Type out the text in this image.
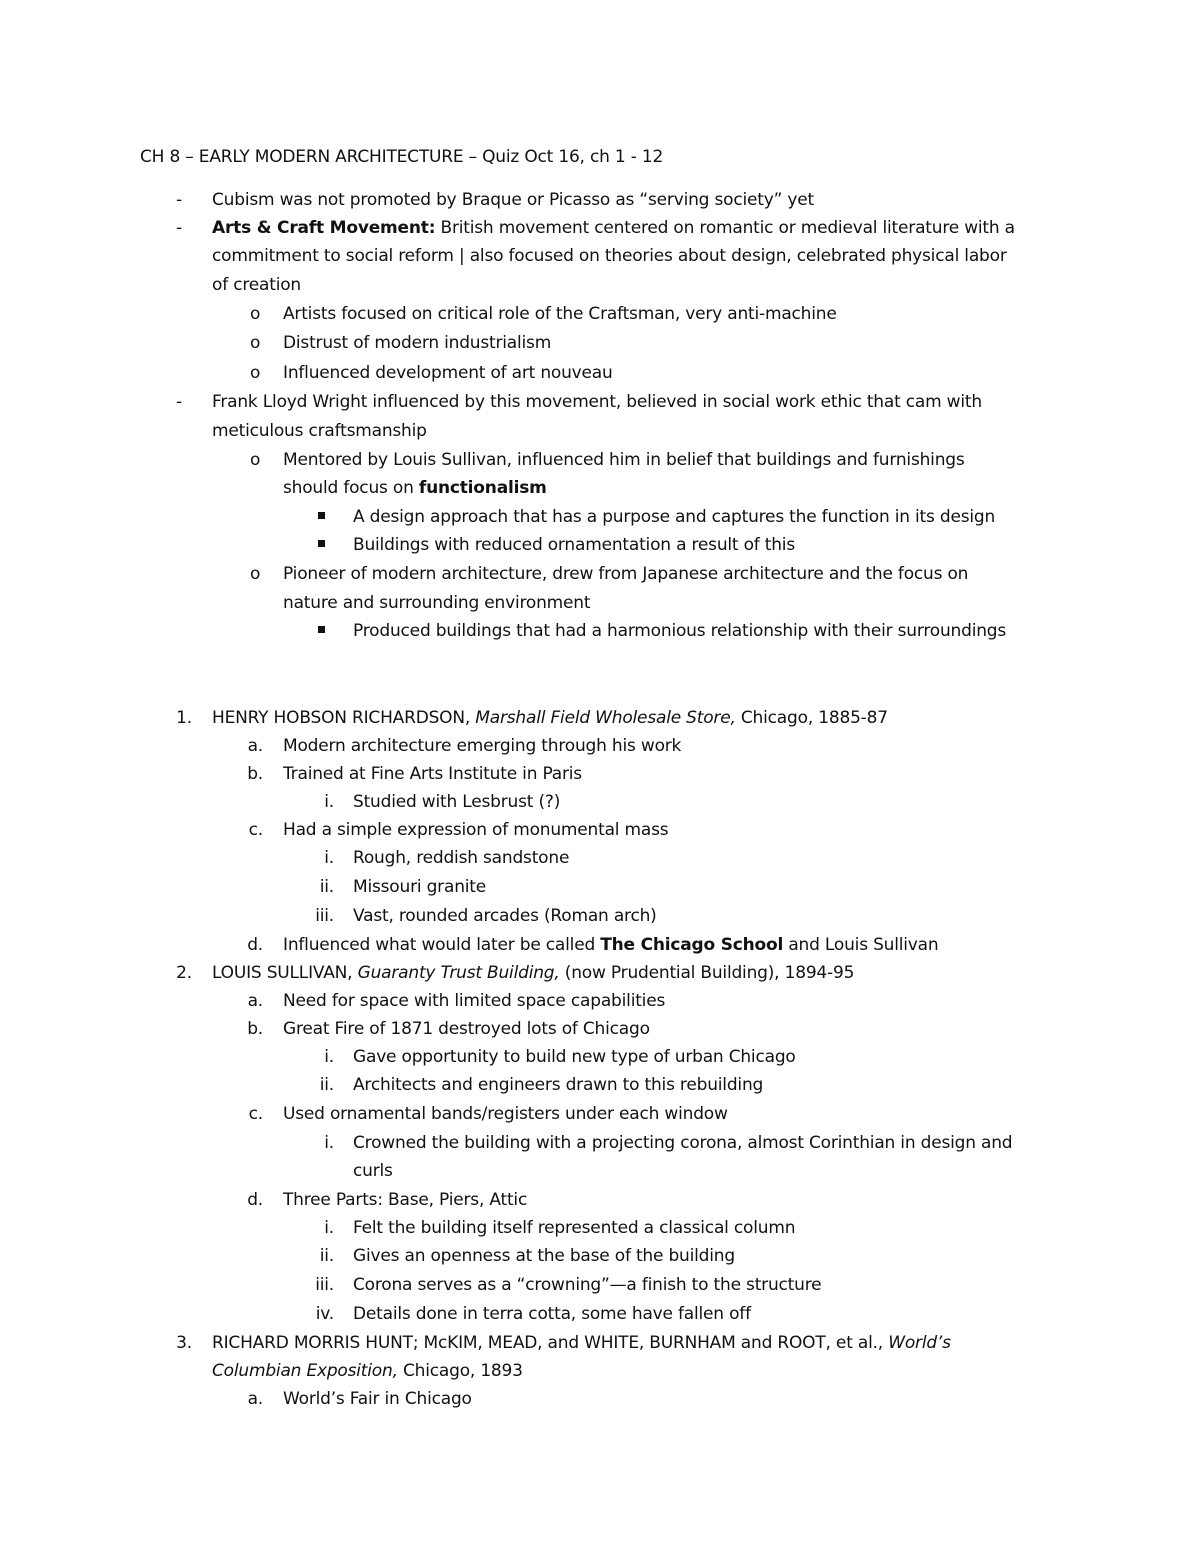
CH 8 – EARLY MODERN ARCHITECTURE – Quiz Oct 16, ch 1 - 12
- Cubism was not promoted by Braque or Picasso as “serving society” yet
- Arts & Craft Movement: British movement centered on romantic or medieval literature with a
commitment to social reform | also focused on theories about design, celebrated physical labor
of creation
o Artists focused on critical role of the Craftsman, very anti-machine
o Distrust of modern industrialism
o Influenced development of art nouveau
- Frank Lloyd Wright influenced by this movement, believed in social work ethic that cam with
meticulous craftsmanship
o Mentored by Louis Sullivan, influenced him in belief that buildings and furnishings
should focus on functionalism
A design approach that has a purpose and captures the function in its design
Buildings with reduced ornamentation a result of this
o Pioneer of modern architecture, drew from Japanese architecture and the focus on
nature and surrounding environment
Produced buildings that had a harmonious relationship with their surroundings
1. HENRY HOBSON RICHARDSON, Marshall Field Wholesale Store, Chicago, 1885-87
a. Modern architecture emerging through his work
b. Trained at Fine Arts Institute in Paris
i. Studied with Lesbrust (?)
c. Had a simple expression of monumental mass
i. Rough, reddish sandstone
ii. Missouri granite
iii. Vast, rounded arcades (Roman arch)
d. Influenced what would later be called The Chicago School and Louis Sullivan
2. LOUIS SULLIVAN, Guaranty Trust Building, (now Prudential Building), 1894-95
a. Need for space with limited space capabilities
b. Great Fire of 1871 destroyed lots of Chicago
i. Gave opportunity to build new type of urban Chicago
ii. Architects and engineers drawn to this rebuilding
c. Used ornamental bands/registers under each window
i. Crowned the building with a projecting corona, almost Corinthian in design and
curls
d. Three Parts: Base, Piers, Attic
i. Felt the building itself represented a classical column
ii. Gives an openness at the base of the building
iii. Corona serves as a “crowning”—a finish to the structure
iv. Details done in terra cotta, some have fallen off
3. RICHARD MORRIS HUNT; McKIM, MEAD, and WHITE, BURNHAM and ROOT, et al., World’s
Columbian Exposition, Chicago, 1893
a. World’s Fair in Chicago
